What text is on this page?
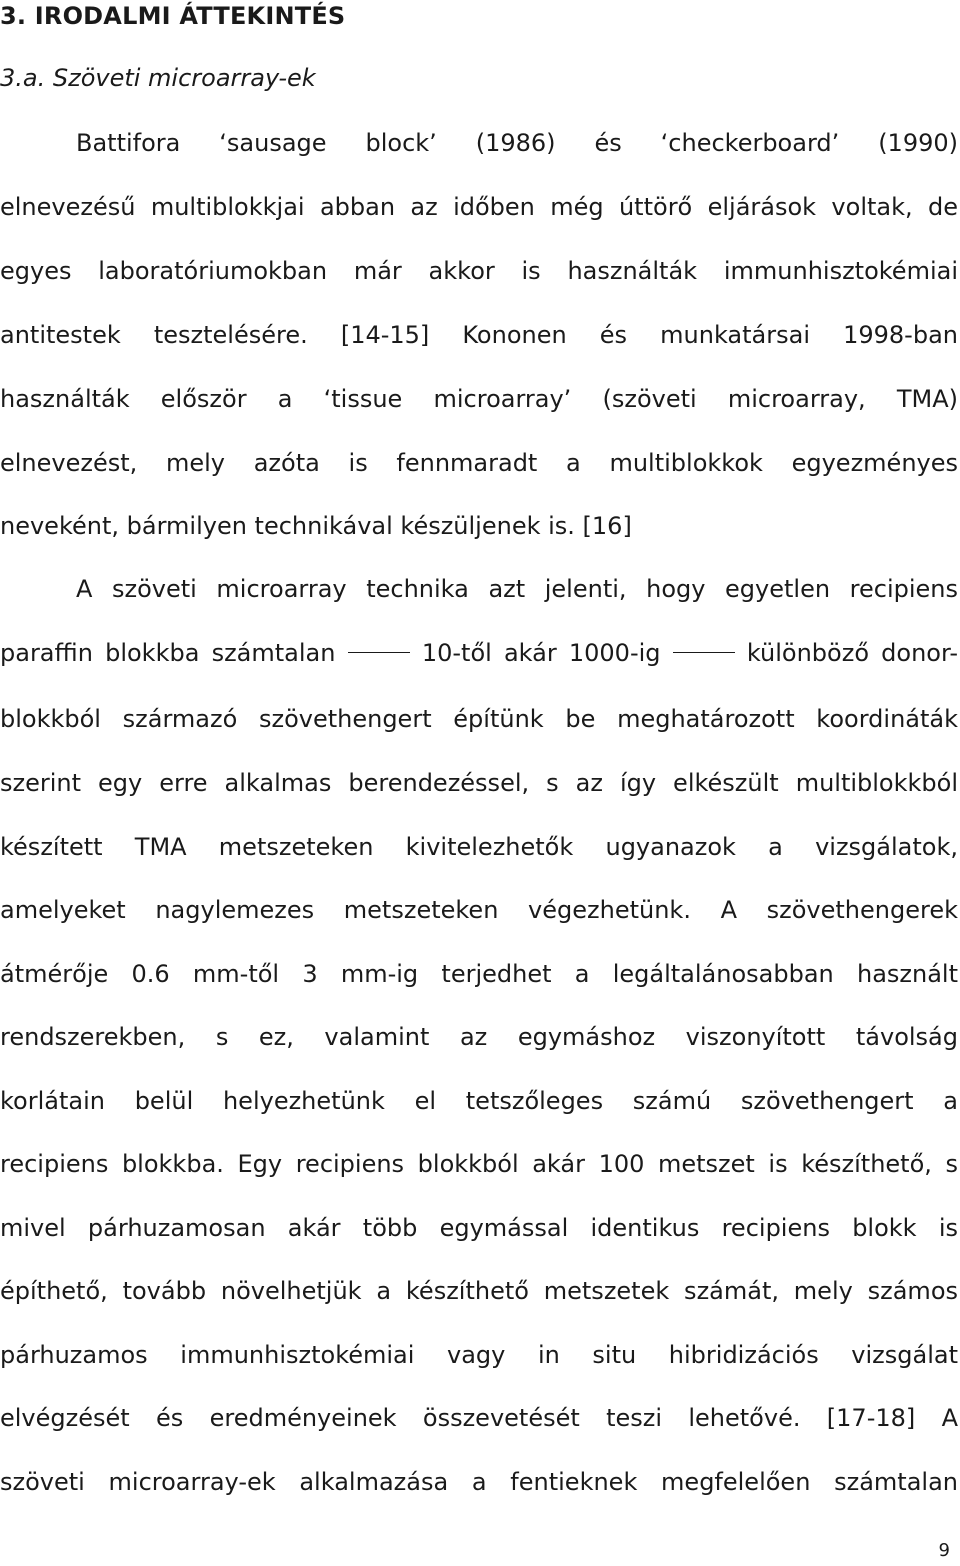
3. IRODALMI ÁTTEKINTÉS
3.a. Szöveti microarray-ek
Battifora ‘sausage block’ (1986) és ‘checkerboard’ (1990)
elnevezésű multiblokkjai abban az időben még úttörő eljárások voltak, de
egyes laboratóriumokban már akkor is használták immunhisztokémiai
antitestek tesztelésére. [14-15] Kononen és munkatársai 1998-ban
használták először a ‘tissue microarray’ (szöveti microarray, TMA)
elnevezést, mely azóta is fennmaradt a multiblokkok egyezményes
neveként, bármilyen technikával készüljenek is. [16]
A szöveti microarray technika azt jelenti, hogy egyetlen recipiens
paraffin blokkba számtalan	10-től akár 1000-ig	különböző donor-
blokkból származó szövethengert építünk be meghatározott koordináták
szerint egy erre alkalmas berendezéssel, s az így elkészült multiblokkból
készített TMA metszeteken kivitelezhetők ugyanazok a vizsgálatok,
amelyeket nagylemezes metszeteken végezhetünk. A szövethengerek
átmérője 0.6 mm-től 3 mm-ig terjedhet a legáltalánosabban használt
rendszerekben, s ez, valamint az egymáshoz viszonyított távolság
korlátain belül helyezhetünk el tetszőleges számú szövethengert a
recipiens blokkba. Egy recipiens blokkból akár 100 metszet is készíthető, s
mivel párhuzamosan akár több egymással identikus recipiens blokk is
építhető, tovább növelhetjük a készíthető metszetek számát, mely számos
párhuzamos immunhisztokémiai vagy in situ hibridizációs vizsgálat
elvégzését és eredményeinek összevetését teszi lehetővé. [17-18] A
szöveti microarray-ek alkalmazása a fentieknek megfelelően számtalan
9
